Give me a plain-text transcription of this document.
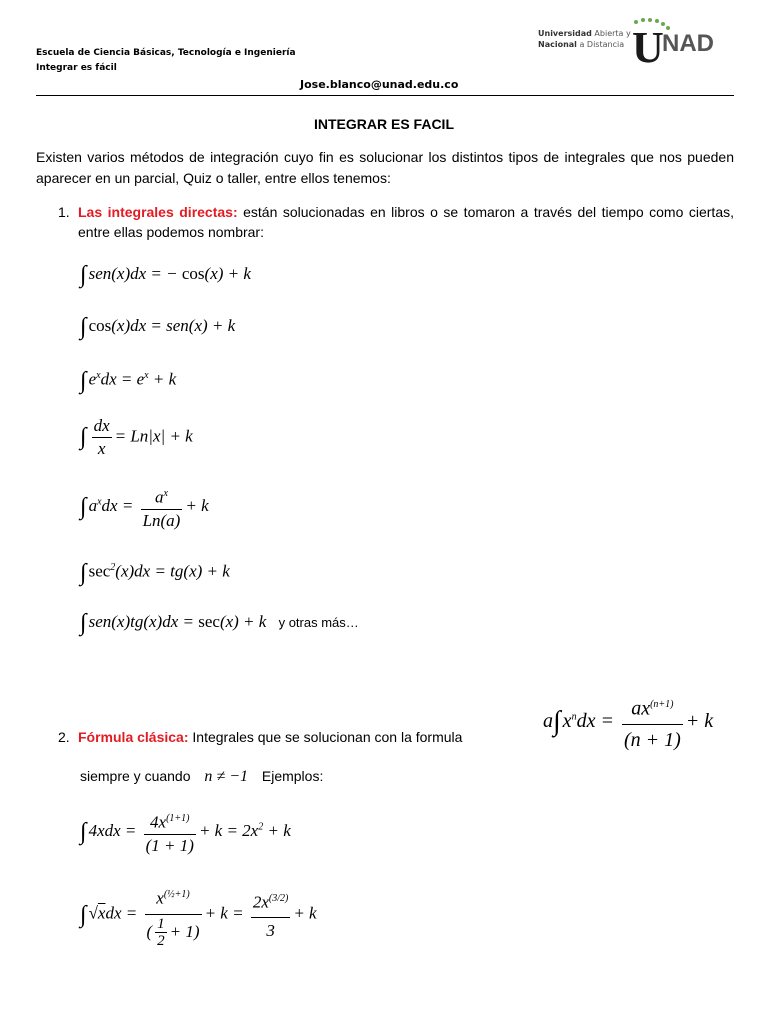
Escuela de Ciencia Básicas, Tecnología e Ingeniería
Integrar es fácil
Universidad Abierta y
Nacional a Distancia U
NAD
Jose.blanco@unad.edu.co
INTEGRAR ES FACIL
Existen varios métodos de integración cuyo fin es solucionar los distintos tipos de integrales que nos pueden aparecer en un parcial, Quiz o taller, entre ellos tenemos:
1. Las integrales directas: están solucionadas en libros o se tomaron a través del tiempo como ciertas, entre ellas podemos nombrar:
∫ sen(x)dx = − cos(x) + k
∫ cos(x)dx = sen(x) + k
∫ $e^xdx = e^x + k$
∫ $\frac{dx}{x} = Ln|x| + k$
∫ $a^xdx = \frac{a^x}{Ln(a)} + k$
∫ $\sec^2(x)dx = tg(x) + k$
∫ sen(x)tg(x)dx = sec(x) + k y otras más…
2. Fórmula clásica: Integrales que se solucionan con la formula
a∫ $x^ndx = \frac{ax^{(n+1)}}{(n + 1)} + k$
siempre y cuando n ≠ −1 Ejemplos:
∫ $4xdx = \frac{4x^{(1+1)}}{(1 + 1)} + k = 2x^2 + k$
∫ $√xdx = \frac{x^{(\frac{1}{2}+1)}}{( \frac{1}{2} + 1)} + k = \frac{2x^{(3/2)}}{3} + k$
